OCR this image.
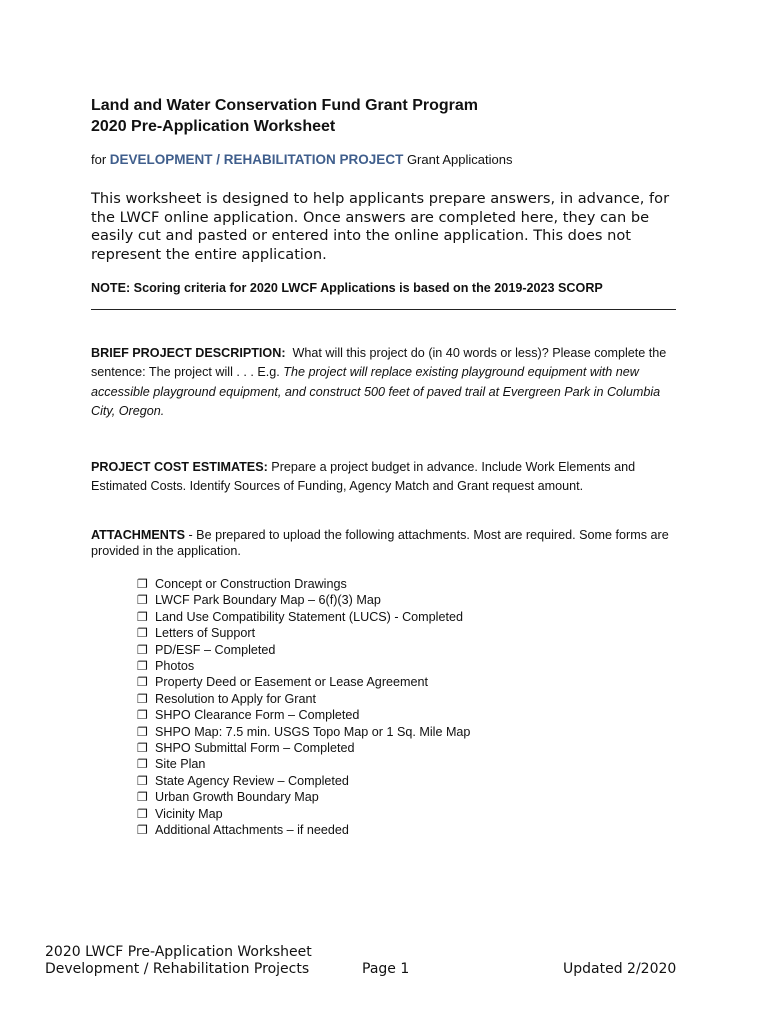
Land and Water Conservation Fund Grant Program
2020 Pre-Application Worksheet
for DEVELOPMENT / REHABILITATION PROJECT Grant Applications
This worksheet is designed to help applicants prepare answers, in advance, for the LWCF online application. Once answers are completed here, they can be easily cut and pasted or entered into the online application. This does not represent the entire application.
NOTE: Scoring criteria for 2020 LWCF Applications is based on the 2019-2023 SCORP
BRIEF PROJECT DESCRIPTION: What will this project do (in 40 words or less)? Please complete the sentence: The project will . . . E.g. The project will replace existing playground equipment with new accessible playground equipment, and construct 500 feet of paved trail at Evergreen Park in Columbia City, Oregon.
PROJECT COST ESTIMATES: Prepare a project budget in advance. Include Work Elements and Estimated Costs. Identify Sources of Funding, Agency Match and Grant request amount.
ATTACHMENTS - Be prepared to upload the following attachments. Most are required. Some forms are provided in the application.
❐ Concept or Construction Drawings
❐ LWCF Park Boundary Map – 6(f)(3) Map
❐ Land Use Compatibility Statement (LUCS) - Completed
❐ Letters of Support
❐ PD/ESF – Completed
❐ Photos
❐ Property Deed or Easement or Lease Agreement
❐ Resolution to Apply for Grant
❐ SHPO Clearance Form – Completed
❐ SHPO Map: 7.5 min. USGS Topo Map or 1 Sq. Mile Map
❐ SHPO Submittal Form – Completed
❐ Site Plan
❐ State Agency Review – Completed
❐ Urban Growth Boundary Map
❐ Vicinity Map
❐ Additional Attachments – if needed
2020 LWCF Pre-Application Worksheet
Development / Rehabilitation Projects	Page 1	Updated 2/2020
